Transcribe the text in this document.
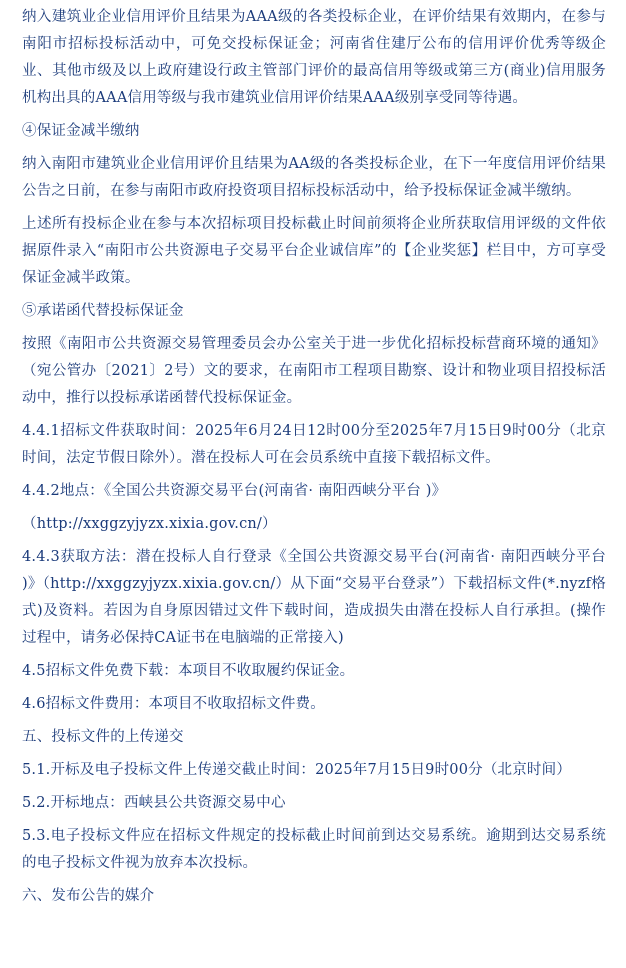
纳入建筑业企业信用评价且结果为AAA级的各类投标企业，在评价结果有效期内，在参与南阳市招标投标活动中，可免交投标保证金；河南省住建厅公布的信用评价优秀等级企业、其他市级及以上政府建设行政主管部门评价的最高信用等级或第三方(商业)信用服务机构出具的AAA信用等级与我市建筑业信用评价结果AAA级别享受同等待遇。

④保证金减半缴纳

纳入南阳市建筑业企业信用评价且结果为AA级的各类投标企业，在下一年度信用评价结果公告之日前，在参与南阳市政府投资项目招标投标活动中，给予投标保证金减半缴纳。

上述所有投标企业在参与本次招标项目投标截止时间前须将企业所获取信用评级的文件依据原件录入“南阳市公共资源电子交易平台企业诚信库”的【企业奖惩】栏目中，方可享受保证金减半政策。

⑤承诺函代替投标保证金

按照《南阳市公共资源交易管理委员会办公室关于进一步优化招标投标营商环境的通知》（宛公管办〔2021〕2号）文的要求，在南阳市工程项目勘察、设计和物业项目招投标活动中，推行以投标承诺函替代投标保证金。

4.4.1招标文件获取时间：2025年6月24日12时00分至2025年7月15日9时00分（北京时间，法定节假日除外）。潜在投标人可在会员系统中直接下载招标文件。

4.4.2地点：《全国公共资源交易平台(河南省· 南阳西峡分平台 )》

（http://xxggzyjyzx.xixia.gov.cn/）

4.4.3获取方法：潜在投标人自行登录《全国公共资源交易平台(河南省· 南阳西峡分平台 )》（http://xxggzyjyzx.xixia.gov.cn/）从下面“交易平台登录”）下载招标文件(*.nyzf格式)及资料。若因为自身原因错过文件下载时间，造成损失由潜在投标人自行承担。(操作过程中，请务必保持CA证书在电脑端的正常接入)

4.5招标文件免费下载：本项目不收取履约保证金。

4.6招标文件费用：本项目不收取招标文件费。

五、投标文件的上传递交

5.1.开标及电子投标文件上传递交截止时间：2025年7月15日9时00分（北京时间）

5.2.开标地点：西峡县公共资源交易中心

5.3.电子投标文件应在招标文件规定的投标截止时间前到达交易系统。逾期到达交易系统的电子投标文件视为放弃本次投标。

六、发布公告的媒介
